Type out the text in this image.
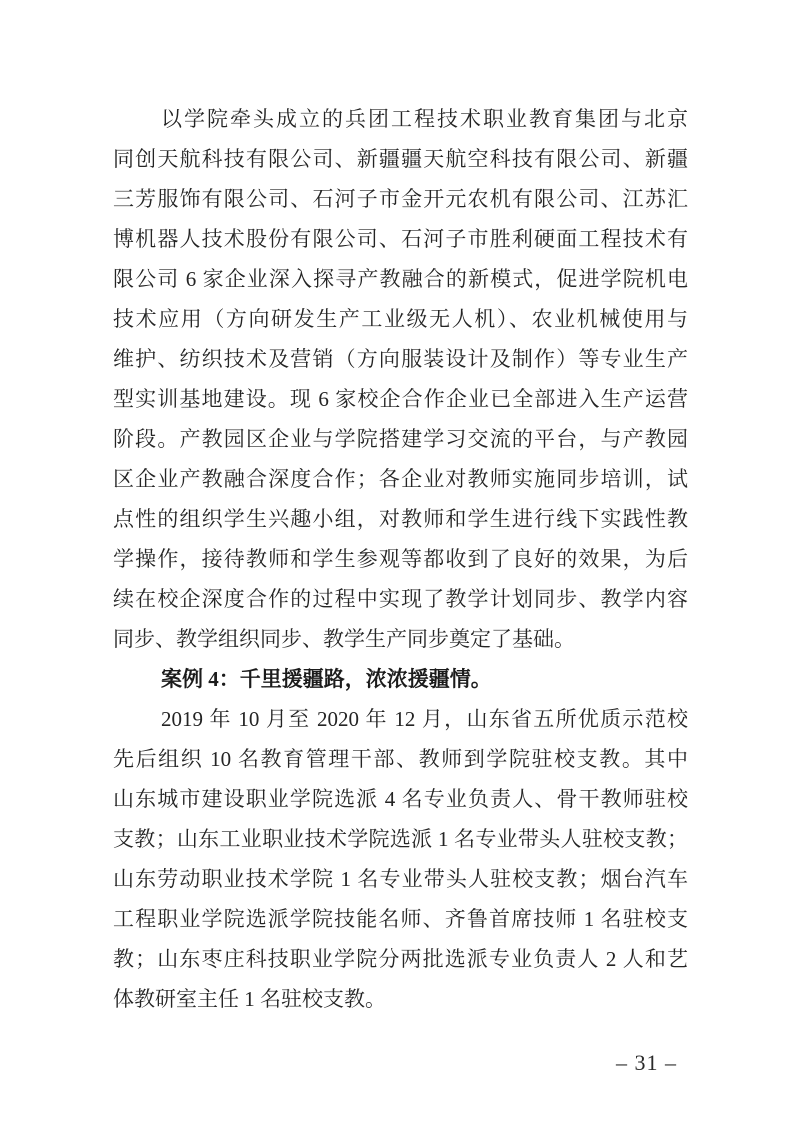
以学院牵头成立的兵团工程技术职业教育集团与北京
同创天航科技有限公司、新疆疆天航空科技有限公司、新疆
三芳服饰有限公司、石河子市金开元农机有限公司、江苏汇
博机器人技术股份有限公司、石河子市胜利硬面工程技术有
限公司 6 家企业深入探寻产教融合的新模式，促进学院机电
技术应用（方向研发生产工业级无人机）、农业机械使用与
维护、纺织技术及营销（方向服装设计及制作）等专业生产
型实训基地建设。现 6 家校企合作企业已全部进入生产运营
阶段。产教园区企业与学院搭建学习交流的平台，与产教园
区企业产教融合深度合作；各企业对教师实施同步培训，试
点性的组织学生兴趣小组，对教师和学生进行线下实践性教
学操作，接待教师和学生参观等都收到了良好的效果，为后
续在校企深度合作的过程中实现了教学计划同步、教学内容
同步、教学组织同步、教学生产同步奠定了基础。
案例 4：千里援疆路，浓浓援疆情。
2019 年 10 月至 2020 年 12 月，山东省五所优质示范校
先后组织 10 名教育管理干部、教师到学院驻校支教。其中
山东城市建设职业学院选派 4 名专业负责人、骨干教师驻校
支教；山东工业职业技术学院选派 1 名专业带头人驻校支教；
山东劳动职业技术学院 1 名专业带头人驻校支教；烟台汽车
工程职业学院选派学院技能名师、齐鲁首席技师 1 名驻校支
教；山东枣庄科技职业学院分两批选派专业负责人 2 人和艺
体教研室主任 1 名驻校支教。
– 31 –
